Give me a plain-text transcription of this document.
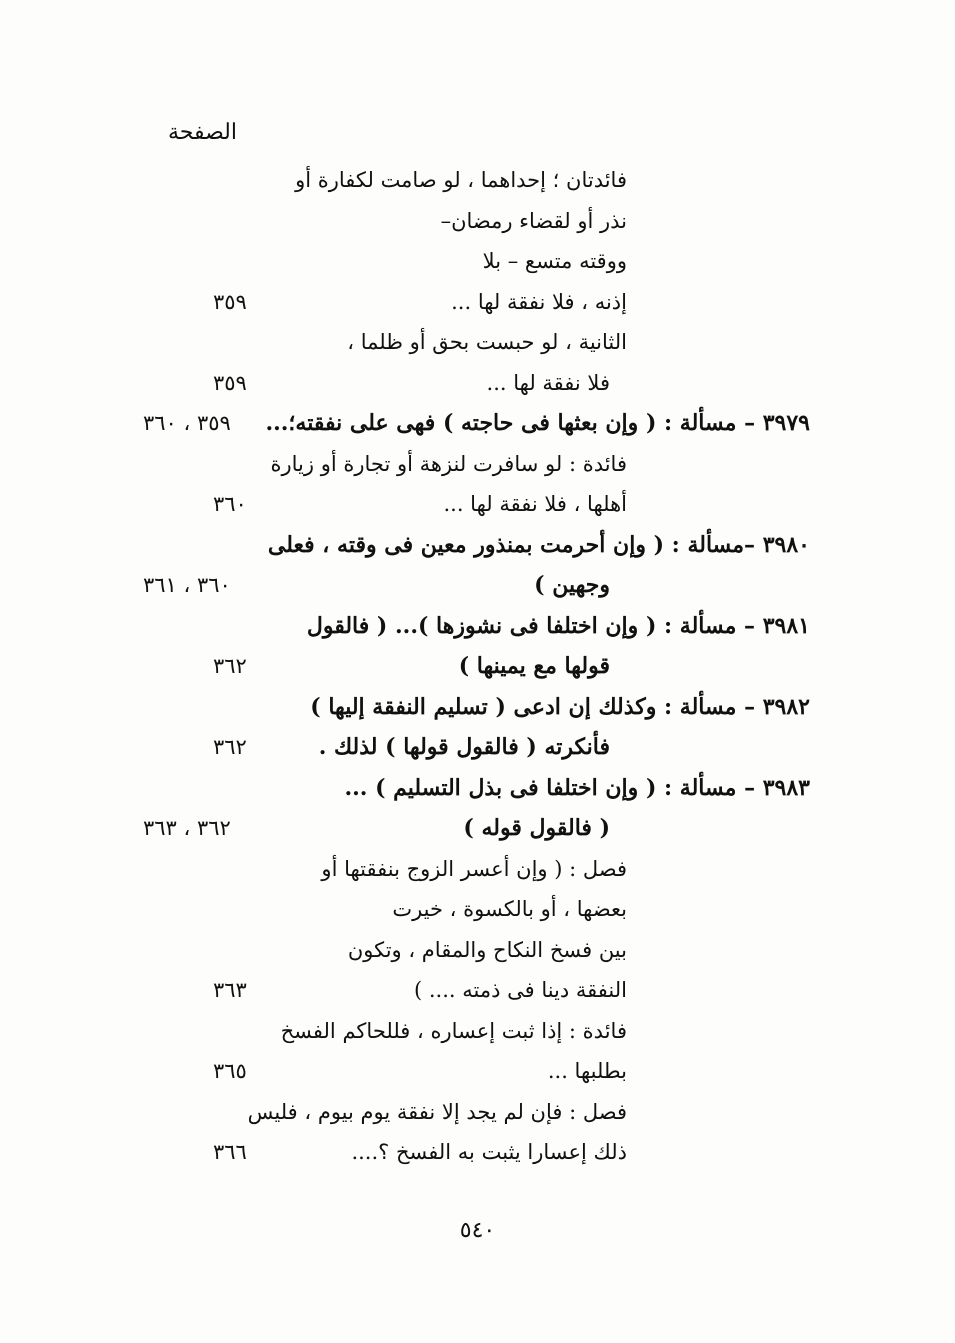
الصفحة
فائدتان ؛ إحداهما ، لو صامت لكفارة أو
نذر أو لقضاء رمضان–
ووقته متسع – بلا
إذنه ، فلا نفقة لها ...
٣٥٩
الثانية ، لو حبست بحق أو ظلما ،
فلا نفقة لها ...
٣٥٩
٣٩٧٩ – مسألة : ( وإن بعثها فى حاجته ) فهى على نفقته؛...
٣٥٩ ، ٣٦٠
فائدة : لو سافرت لنزهة أو تجارة أو زيارة
أهلها ، فلا نفقة لها ...
٣٦٠
٣٩٨٠ –مسألة : ( وإن أحرمت بمنذور معين فى وقته ، فعلى
وجهين )
٣٦٠ ، ٣٦١
٣٩٨١ – مسألة : ( وإن اختلفا فى نشوزها )... ( فالقول
قولها مع يمينها )
٣٦٢
٣٩٨٢ – مسألة : وكذلك إن ادعى ( تسليم النفقة إليها )
فأنكرته ( فالقول قولها ) لذلك .
٣٦٢
٣٩٨٣ – مسألة : ( وإن اختلفا فى بذل التسليم ) ...
( فالقول قوله )
٣٦٢ ، ٣٦٣
فصل : ( وإن أعسر الزوج بنفقتها أو
بعضها ، أو بالكسوة ، خيرت
بين فسخ النكاح والمقام ، وتكون
النفقة دينا فى ذمته .... )
٣٦٣
فائدة : إذا ثبت إعساره ، فللحاكم الفسخ
بطلبها ...
٣٦٥
فصل : فإن لم يجد إلا نفقة يوم بيوم ، فليس
ذلك إعسارا يثبت به الفسخ ؟....
٣٦٦
٥٤٠
